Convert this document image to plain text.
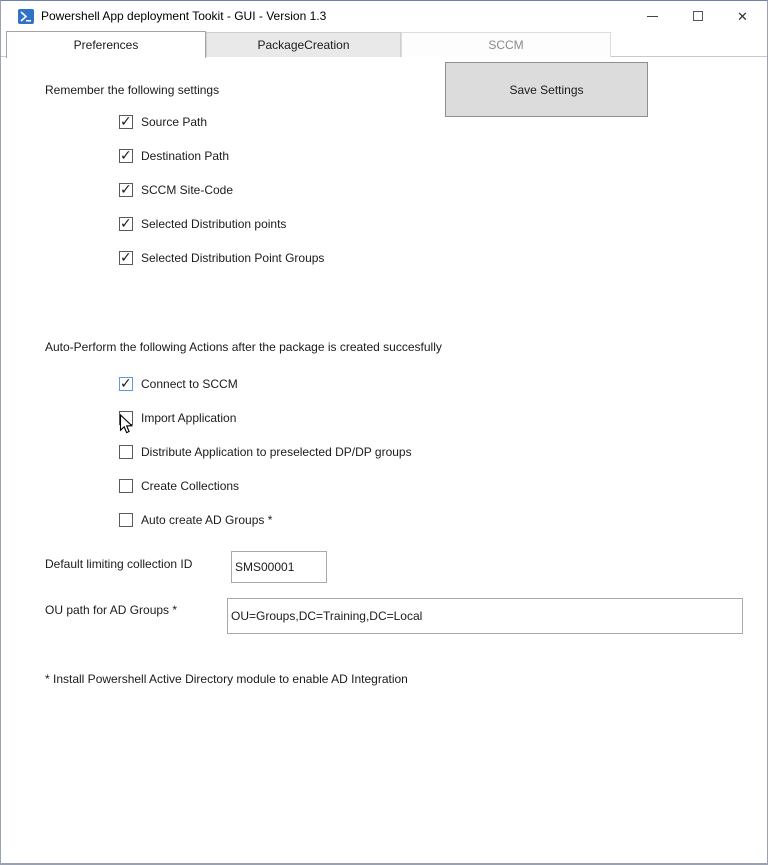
Powershell App deployment Tookit - GUI - Version 1.3	✕
Preferences	PackageCreation	SCCM
Remember the following settings	Save Settings
✓
Source Path
✓
Destination Path
✓
SCCM Site-Code
✓
Selected Distribution points
✓
Selected Distribution Point Groups
Auto-Perform the following Actions after the package is created succesfully
✓
Connect to SCCM
Import Application
Distribute Application to preselected DP/DP groups
Create Collections
Auto create AD Groups *
Default limiting collection ID
SMS00001
OU path for AD Groups *
OU=Groups,DC=Training,DC=Local
* Install Powershell Active Directory module to enable AD Integration
